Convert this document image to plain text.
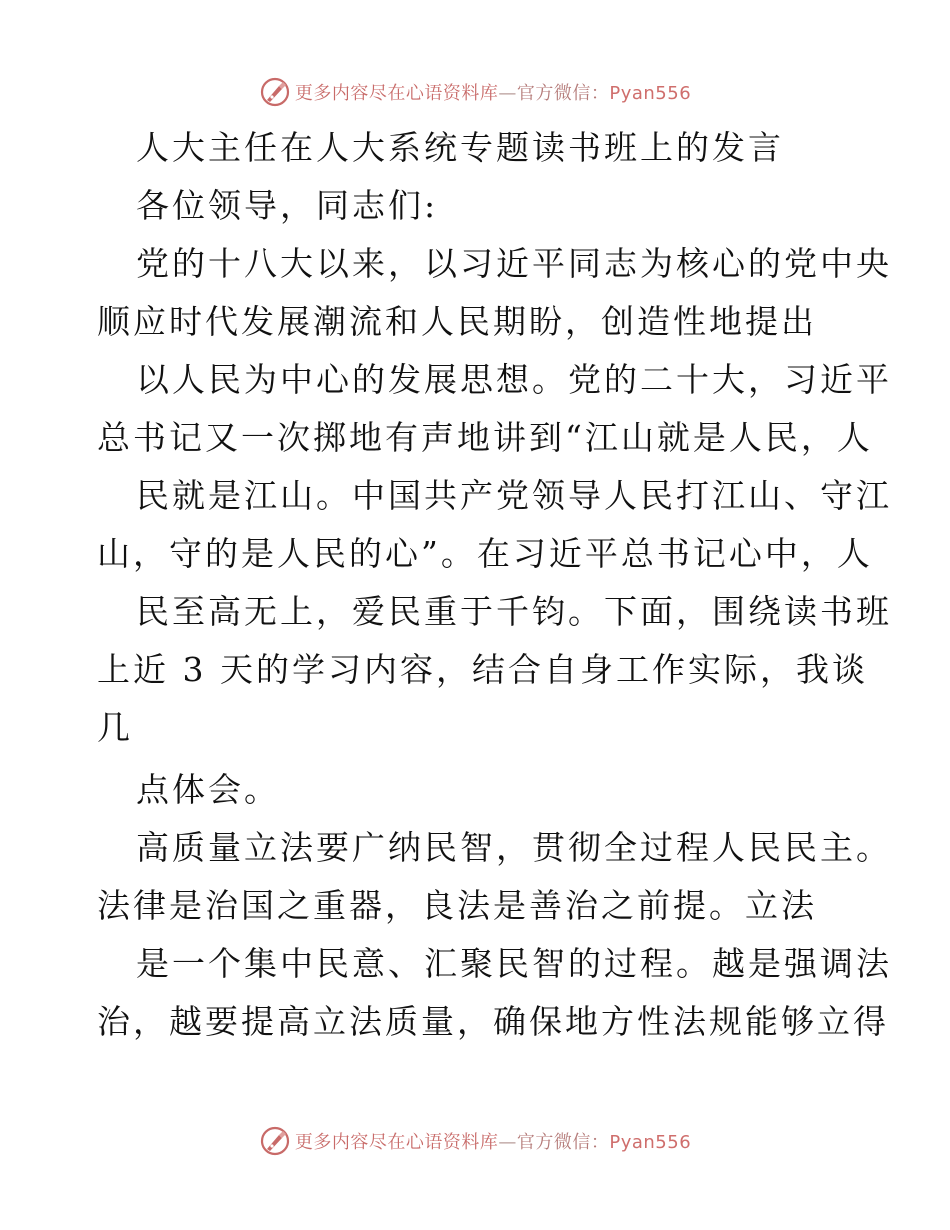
更多内容尽在心语资料库—官方微信：Pyan556
人大主任在人大系统专题读书班上的发言
各位领导，同志们:
党的十八大以来，以习近平同志为核心的党中央
顺应时代发展潮流和人民期盼，创造性地提出
以人民为中心的发展思想。党的二十大，习近平
总书记又一次掷地有声地讲到“江山就是人民，人
民就是江山。中国共产党领导人民打江山、守江
山，守的是人民的心”。在习近平总书记心中，人
民至高无上，爱民重于千钧。下面，围绕读书班
上近 3 天的学习内容，结合自身工作实际，我谈
几
点体会。
高质量立法要广纳民智，贯彻全过程人民民主。
法律是治国之重器，良法是善治之前提。立法
是一个集中民意、汇聚民智的过程。越是强调法
治，越要提高立法质量，确保地方性法规能够立得
更多内容尽在心语资料库—官方微信：Pyan556
